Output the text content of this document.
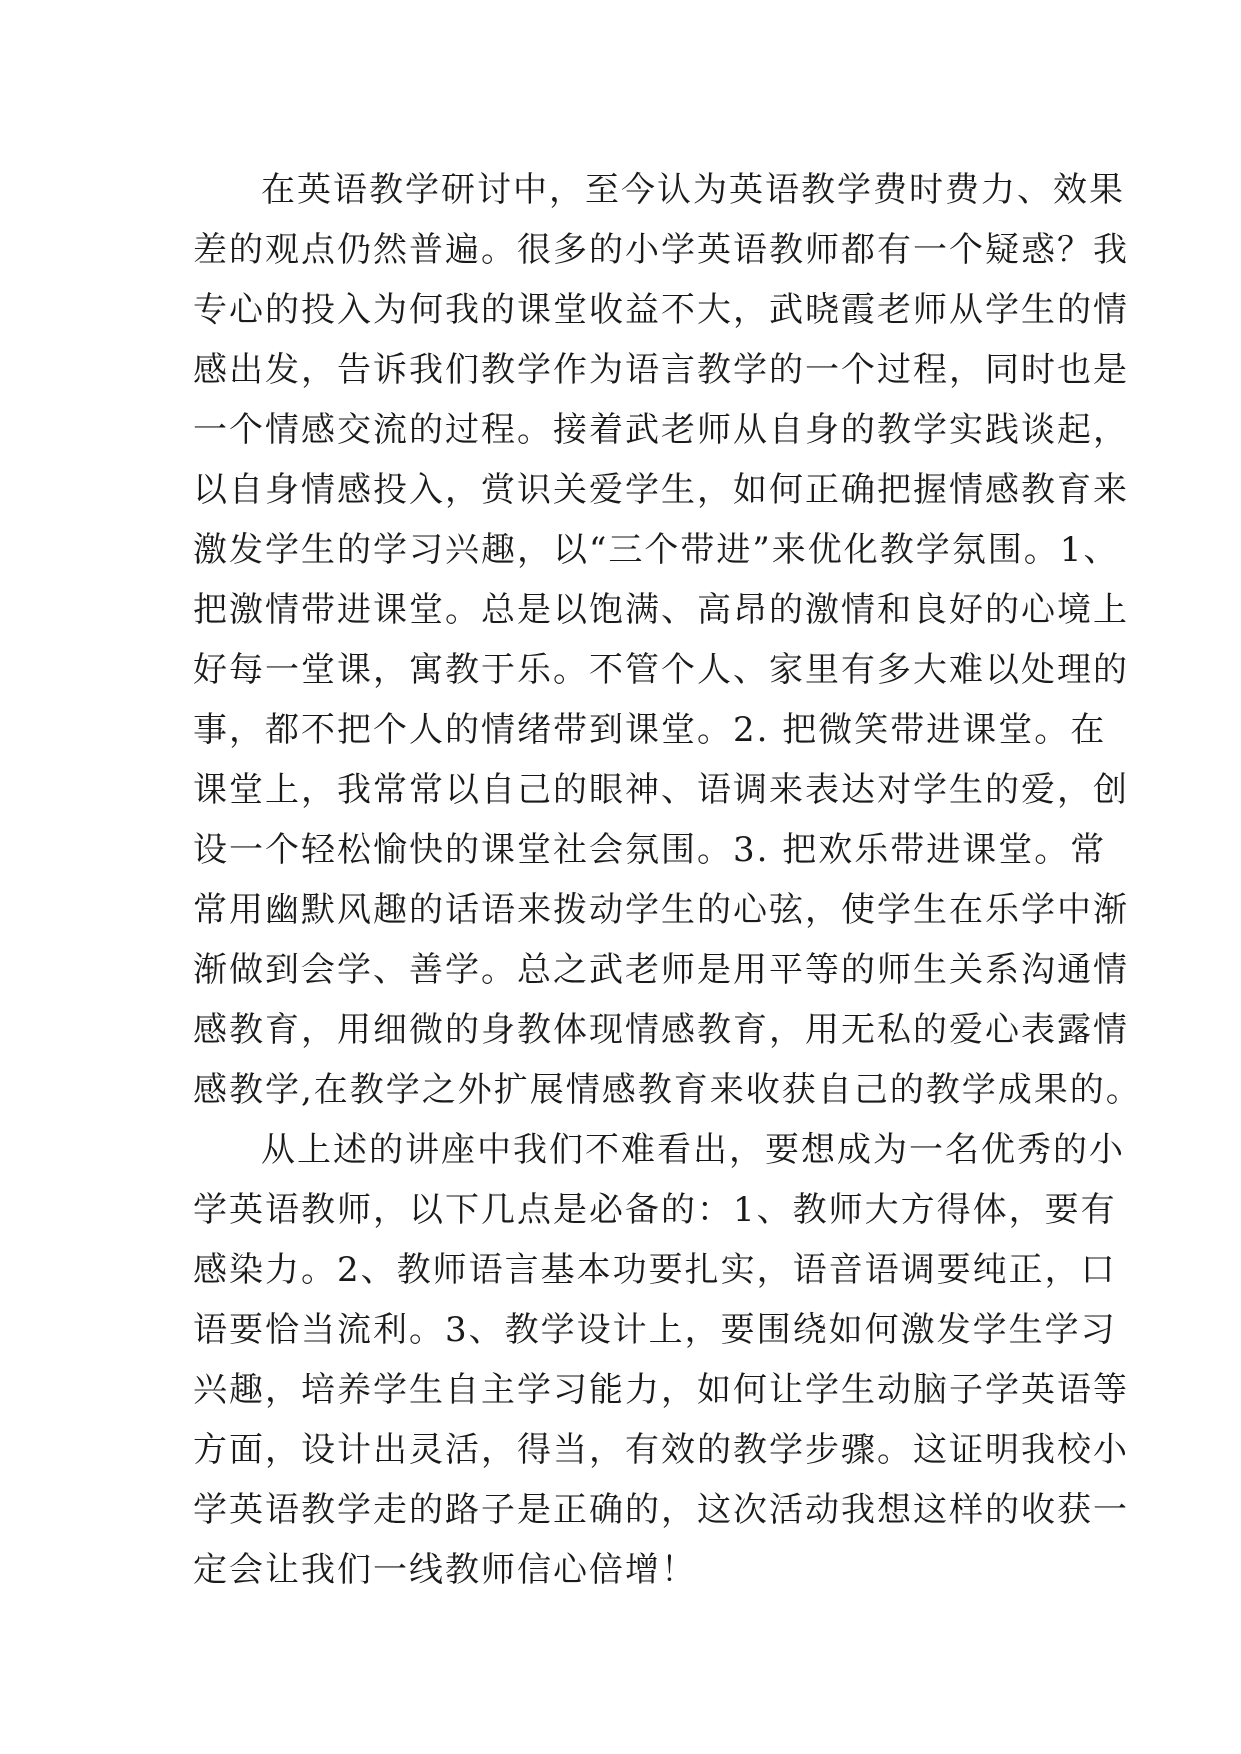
在英语教学研讨中，至今认为英语教学费时费力、效果
差的观点仍然普遍。很多的小学英语教师都有一个疑惑？我
专心的投入为何我的课堂收益不大，武晓霞老师从学生的情
感出发，告诉我们教学作为语言教学的一个过程，同时也是
一个情感交流的过程。接着武老师从自身的教学实践谈起，
以自身情感投入，赏识关爱学生，如何正确把握情感教育来
激发学生的学习兴趣，以“三个带进”来优化教学氛围。1、
把激情带进课堂。总是以饱满、高昂的激情和良好的心境上
好每一堂课，寓教于乐。不管个人、家里有多大难以处理的
事，都不把个人的情绪带到课堂。2. 把微笑带进课堂。在
课堂上，我常常以自己的眼神、语调来表达对学生的爱，创
设一个轻松愉快的课堂社会氛围。3. 把欢乐带进课堂。常
常用幽默风趣的话语来拨动学生的心弦，使学生在乐学中渐
渐做到会学、善学。总之武老师是用平等的师生关系沟通情
感教育，用细微的身教体现情感教育，用无私的爱心表露情
感教学,在教学之外扩展情感教育来收获自己的教学成果的。
从上述的讲座中我们不难看出，要想成为一名优秀的小
学英语教师，以下几点是必备的：1、教师大方得体，要有
感染力。2、教师语言基本功要扎实，语音语调要纯正，口
语要恰当流利。3、教学设计上，要围绕如何激发学生学习
兴趣，培养学生自主学习能力，如何让学生动脑子学英语等
方面，设计出灵活，得当，有效的教学步骤。这证明我校小
学英语教学走的路子是正确的，这次活动我想这样的收获一
定会让我们一线教师信心倍增！
